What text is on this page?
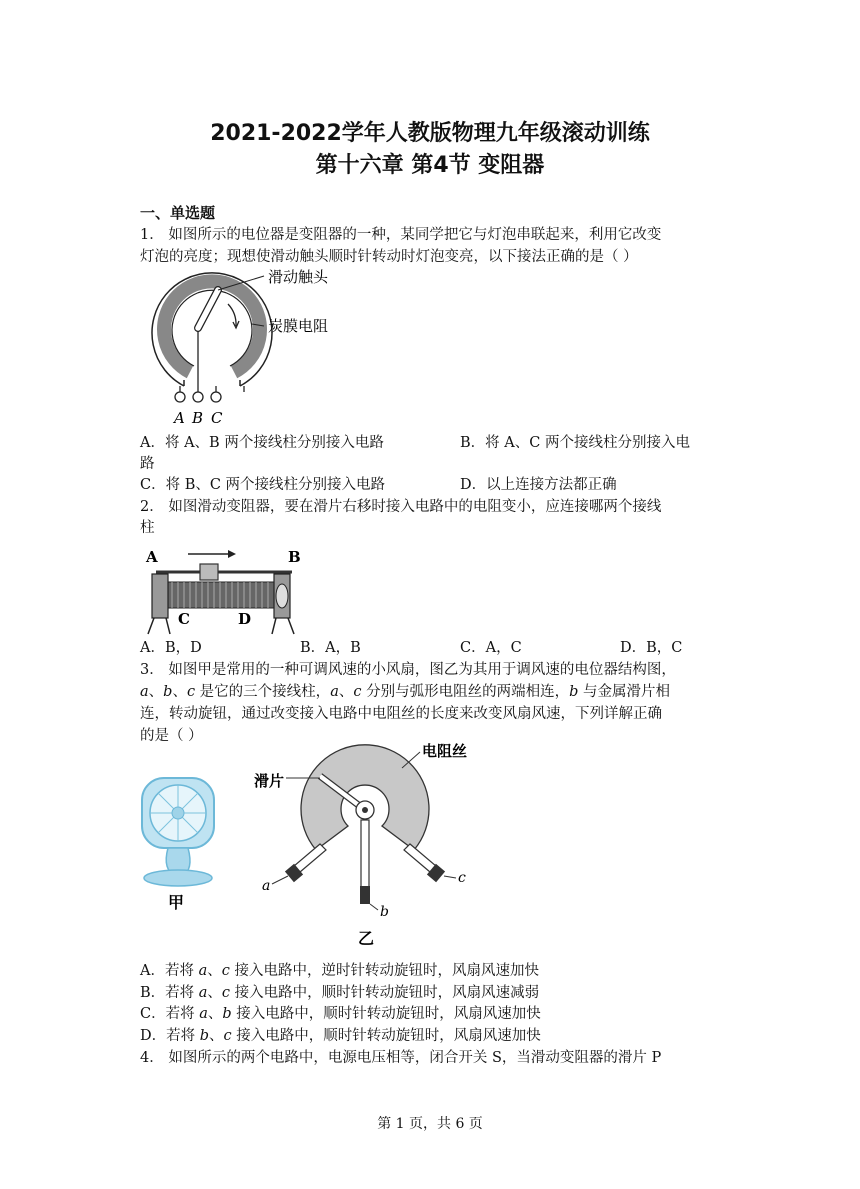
2021-2022学年人教版物理九年级滚动训练
第十六章 第4节 变阻器
一、单选题
1． 如图所示的电位器是变阻器的一种，某同学把它与灯泡串联起来，利用它改变
灯泡的亮度；现想使滑动触头顺时针转动时灯泡变亮，以下接法正确的是（ ）
滑动触头
炭膜电阻
A B C
A．将 A、B 两个接线柱分别接入电路	B．将 A、C 两个接线柱分别接入电
路
C．将 B、C 两个接线柱分别接入电路	D．以上连接方法都正确
2． 如图滑动变阻器，要在滑片右移时接入电路中的电阻变小，应连接哪两个接线
柱
A	B
C	D
A．B，D	B．A，B	C．A，C	D．B，C
3． 如图甲是常用的一种可调风速的小风扇，图乙为其用于调风速的电位器结构图，
a、b、c 是它的三个接线柱，a、c 分别与弧形电阻丝的两端相连，b 与金属滑片相
连，转动旋钮，通过改变接入电路中电阻丝的长度来改变风扇风速，下列详解正确
的是（ ）
甲
电阻丝
滑片
a	c
b
乙
A．若将 a、c 接入电路中，逆时针转动旋钮时，风扇风速加快
B．若将 a、c 接入电路中，顺时针转动旋钮时，风扇风速减弱
C．若将 a、b 接入电路中，顺时针转动旋钮时，风扇风速加快
D．若将 b、c 接入电路中，顺时针转动旋钮时，风扇风速加快
4． 如图所示的两个电路中，电源电压相等，闭合开关 S，当滑动变阻器的滑片 P
第 1 页，共 6 页
